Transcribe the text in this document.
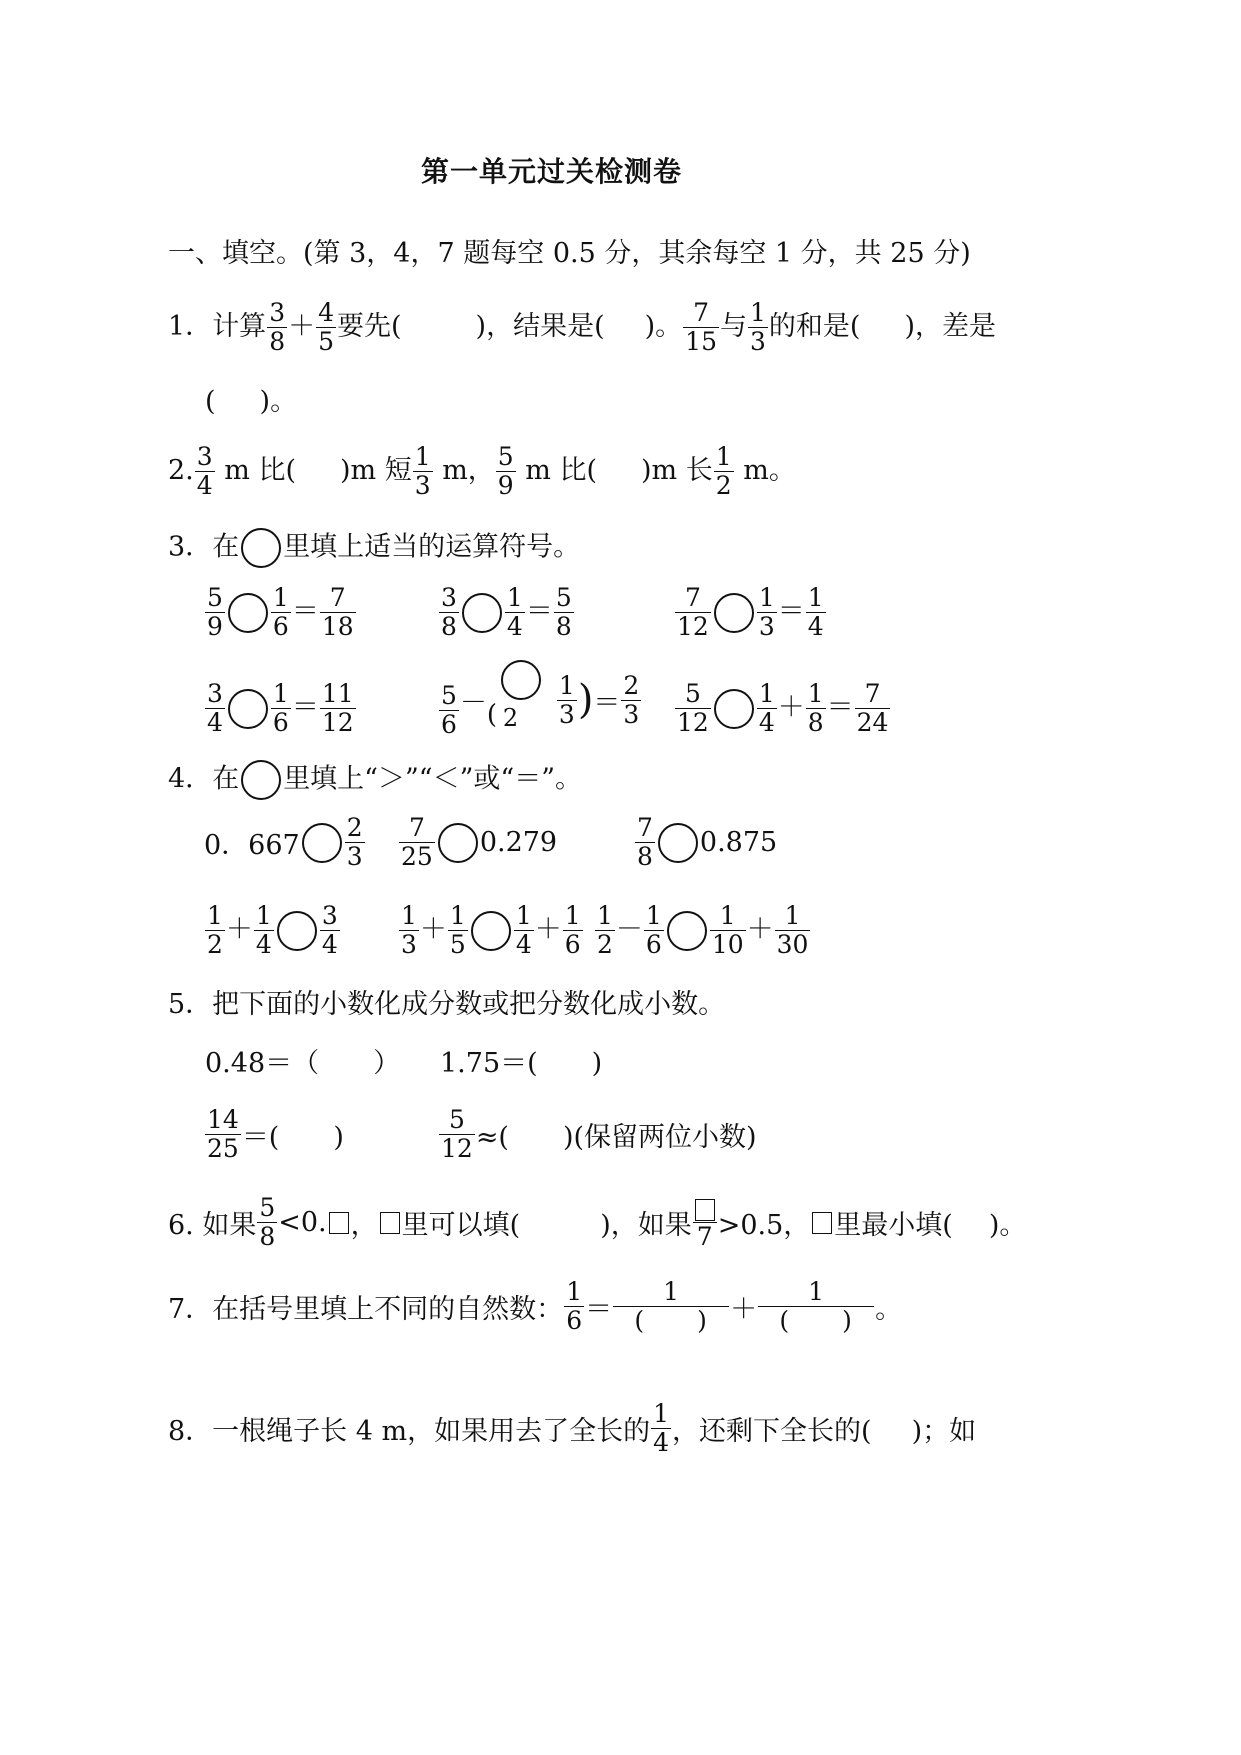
第一单元过关检测卷
一、填空。(第 3，4，7 题每空 0.5 分，其余每空 1 分，共 25 分)
1．计算 $\frac{3}{8} + \frac{4}{5}$ 要先(	)，结果是( )。 $\frac{7}{15}$ 与 $\frac{1}{3}$ 的和是( )，差是
( )。
2. $\frac{3}{4}$ m 比( )m 短 $\frac{1}{3}$ m， $\frac{5}{9}$ m 比( )m 长 $\frac{1}{2}$ m。
3．在 里填上适当的运算符号。
$\frac{5}{9} \frac{1}{6} = \frac{7}{18}$	$\frac{3}{8} \frac{1}{4} = \frac{5}{8}$	$\frac{7}{12} \frac{1}{3} = \frac{1}{4}$
$\frac{3}{4} \frac{1}{6} = \frac{11}{12}$	$\frac{5}{6}$ － ( $2 \frac{1}{3}$ )＝ $\frac{2}{3} \frac{5}{12} \frac{1}{4} + \frac{1}{8} = \frac{7}{24}$
4．在 里填上“＞”“＜”或“＝”。
0．$667 \frac{2}{3} \frac{7}{25} 0.279$	$\frac{7}{8} 0.875$
$\frac{1}{2} + \frac{1}{4} \frac{3}{4} \frac{1}{3} + \frac{1}{5} \frac{1}{4} + \frac{1}{6} \frac{1}{2} - \frac{1}{6} \frac{1}{10} + \frac{1}{30}$
5．把下面的小数化成分数或把分数化成小数。
0.48＝（　　） 1.75＝(　　)
$\frac{14}{25}$ ＝(　　)	$\frac{5}{12}$ ≈(　　)(保留两位小数)
6. 如果 $\frac{5}{8} <0$. ， 里可以填(	)，如果 7 >0.5， 里最小填( )。
7．在括号里填上不同的自然数： $\frac{1}{6} = \frac{1}{( )} + \frac{1}{( )}$ 。
8．一根绳子长 4 m，如果用去了全长的 $\frac{1}{4}$ ，还剩下全长的( )；如
